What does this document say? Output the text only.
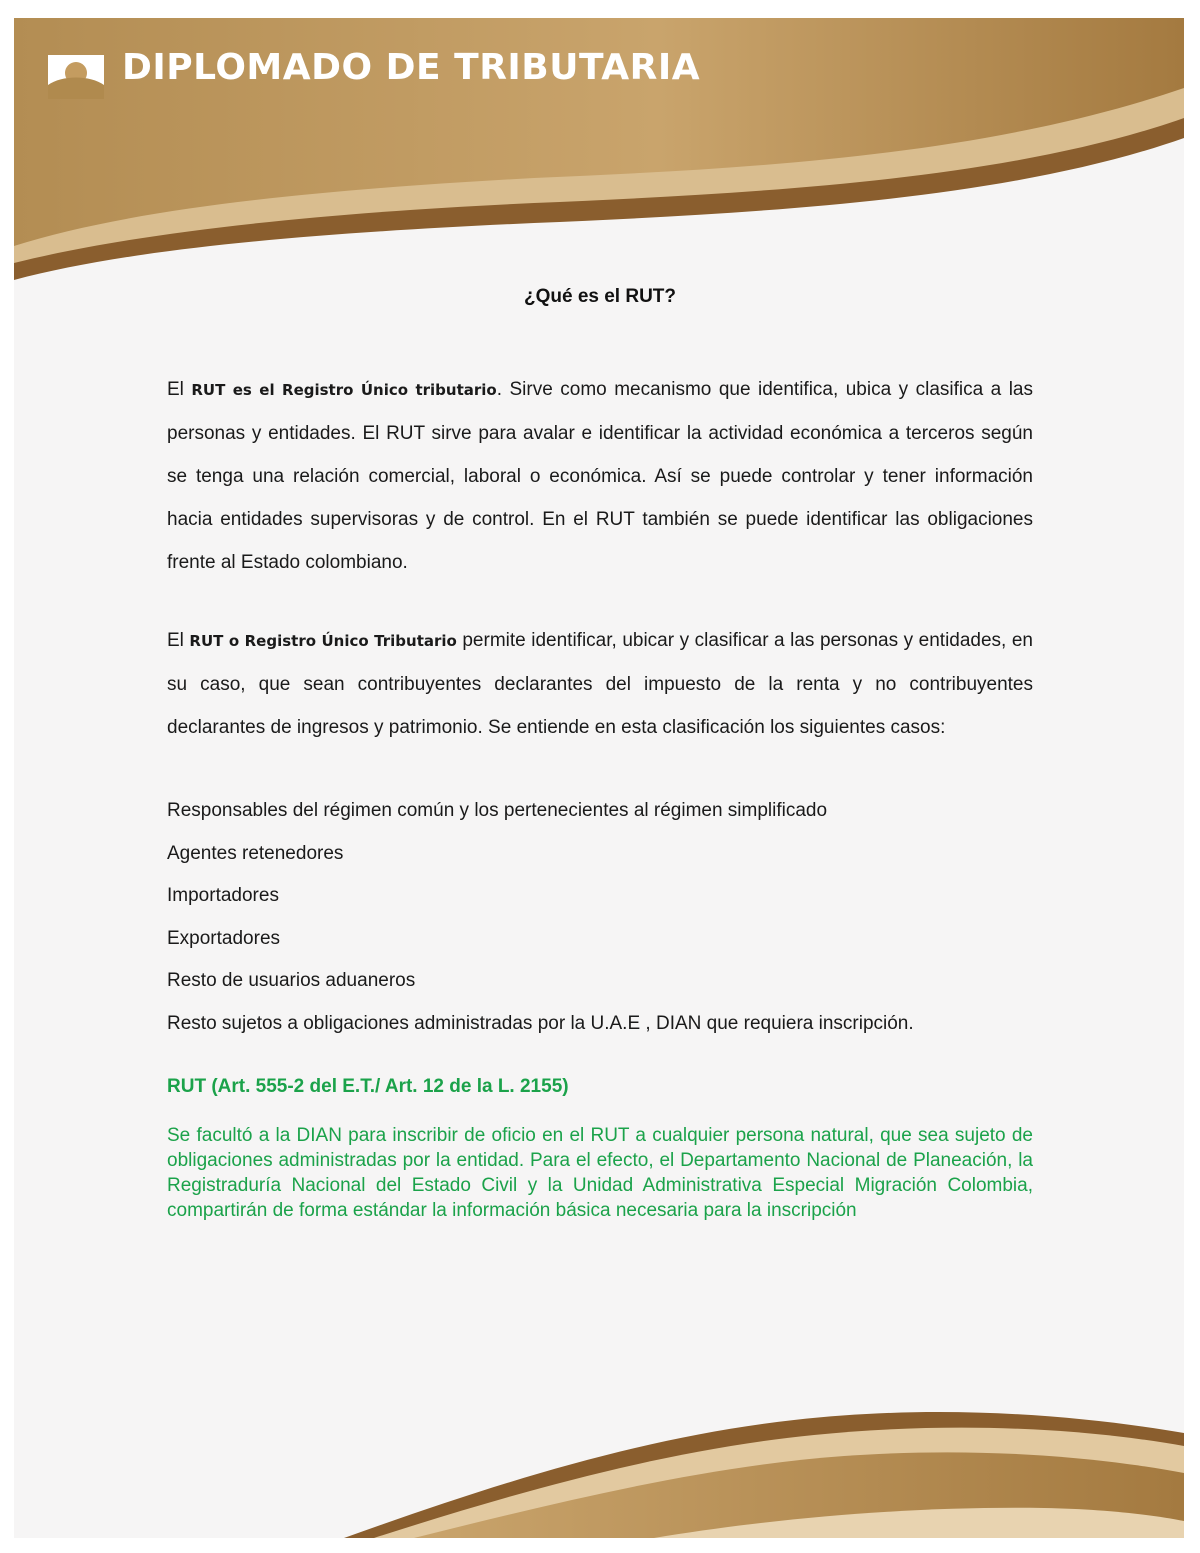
DIPLOMADO DE TRIBUTARIA
¿Qué es el RUT?

El RUT es el Registro Único tributario. Sirve como mecanismo que identifica, ubica y clasifica a las personas y entidades. El RUT sirve para avalar e identificar la actividad económica a terceros según se tenga una relación comercial, laboral o económica. Así se puede controlar y tener información hacia entidades supervisoras y de control. En el RUT también se puede identificar las obligaciones frente al Estado colombiano.

El RUT o Registro Único Tributario permite identificar, ubicar y clasificar a las personas y entidades, en su caso, que sean contribuyentes declarantes del impuesto de la renta y no contribuyentes declarantes de ingresos y patrimonio. Se entiende en esta clasificación los siguientes casos:

Responsables del régimen común y los pertenecientes al régimen simplificado
Agentes retenedores
Importadores
Exportadores
Resto de usuarios aduaneros
Resto sujetos a obligaciones administradas por la U.A.E , DIAN que requiera inscripción.
RUT (Art. 555-2 del E.T./ Art. 12 de la L. 2155)
Se facultó a la DIAN para inscribir de oficio en el RUT a cualquier persona natural, que sea sujeto de obligaciones administradas por la entidad. Para el efecto, el Departamento Nacional de Planeación, la Registraduría Nacional del Estado Civil y la Unidad Administrativa Especial Migración Colombia, compartirán de forma estándar la información básica necesaria para la inscripción
